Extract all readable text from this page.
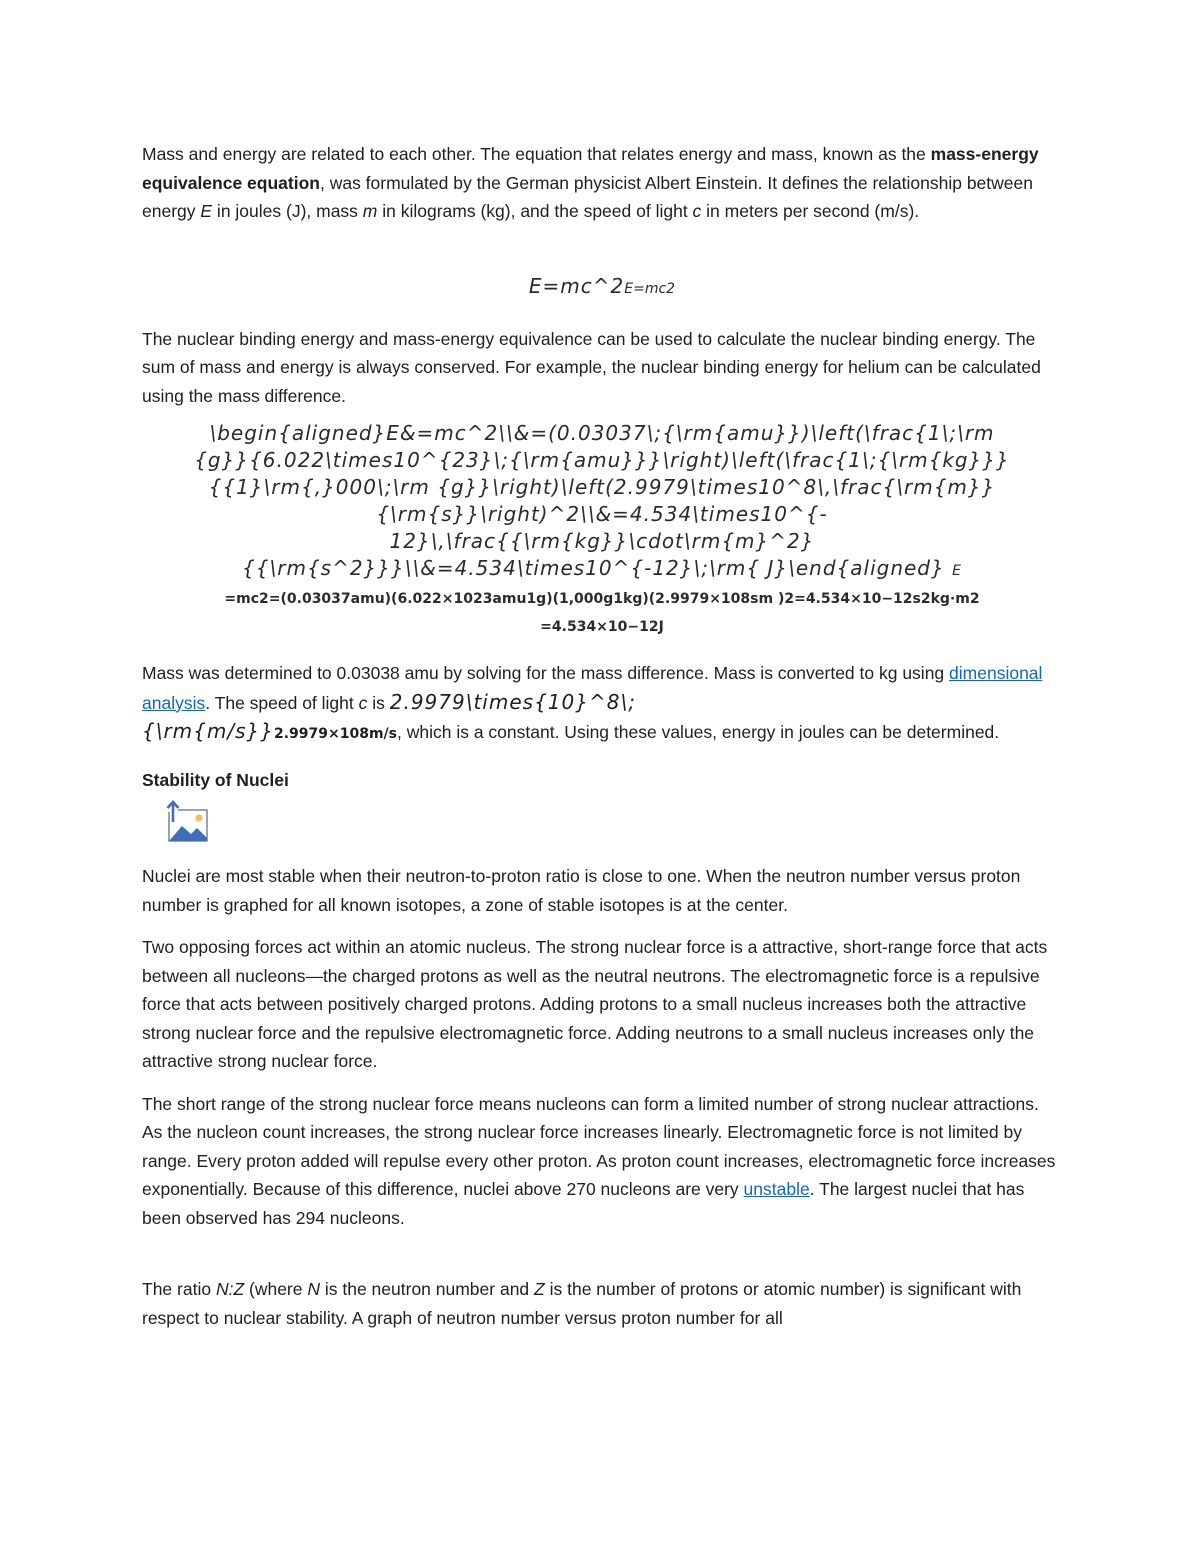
Mass and energy are related to each other. The equation that relates energy and mass, known as the mass-energy equivalence equation, was formulated by the German physicist Albert Einstein. It defines the relationship between energy E in joules (J), mass m in kilograms (kg), and the speed of light c in meters per second (m/s).

E=mc^2E=mc2

The nuclear binding energy and mass-energy equivalence can be used to calculate the nuclear binding energy. The sum of mass and energy is always conserved. For example, the nuclear binding energy for helium can be calculated using the mass difference.

\begin{aligned}E&=mc^2\\&=(0.03037\;{\rm{amu}})\left(\frac{1\;\rm
{g}}{6.022\times10^{23}\;{\rm{amu}}}\right)\left(\frac{1\;{\rm{kg}}}
{{1}\rm{,}000\;\rm {g}}\right)\left(2.9979\times10^8\,\frac{\rm{m}}
{\rm{s}}\right)^2\\&=4.534\times10^{-
12}\,\frac{{\rm{kg}}\cdot\rm{m}^2}
{{\rm{s^2}}}\\&=4.534\times10^{-12}\;\rm{ J}\end{aligned} E
=mc2=(0.03037amu)(6.022×1023amu1g)(1,000g1kg)(2.9979×108sm )2=4.534×10−12s2kg⋅m2
=4.534×10−12J

Mass was determined to 0.03038 amu by solving for the mass difference. Mass is converted to kg using dimensional analysis. The speed of light c is 2.9979\times{10}^8\;
{\rm{m/s}}2.9979×108m/s, which is a constant. Using these values, energy in joules can be determined.

Stability of Nuclei

Nuclei are most stable when their neutron-to-proton ratio is close to one. When the neutron number versus proton number is graphed for all known isotopes, a zone of stable isotopes is at the center.

Two opposing forces act within an atomic nucleus. The strong nuclear force is a attractive, short-range force that acts between all nucleons—the charged protons as well as the neutral neutrons. The electromagnetic force is a repulsive force that acts between positively charged protons. Adding protons to a small nucleus increases both the attractive strong nuclear force and the repulsive electromagnetic force. Adding neutrons to a small nucleus increases only the attractive strong nuclear force.

The short range of the strong nuclear force means nucleons can form a limited number of strong nuclear attractions. As the nucleon count increases, the strong nuclear force increases linearly. Electromagnetic force is not limited by range. Every proton added will repulse every other proton. As proton count increases, electromagnetic force increases exponentially. Because of this difference, nuclei above 270 nucleons are very unstable. The largest nuclei that has been observed has 294 nucleons.

The ratio N:Z (where N is the neutron number and Z is the number of protons or atomic number) is significant with respect to nuclear stability. A graph of neutron number versus proton number for all
